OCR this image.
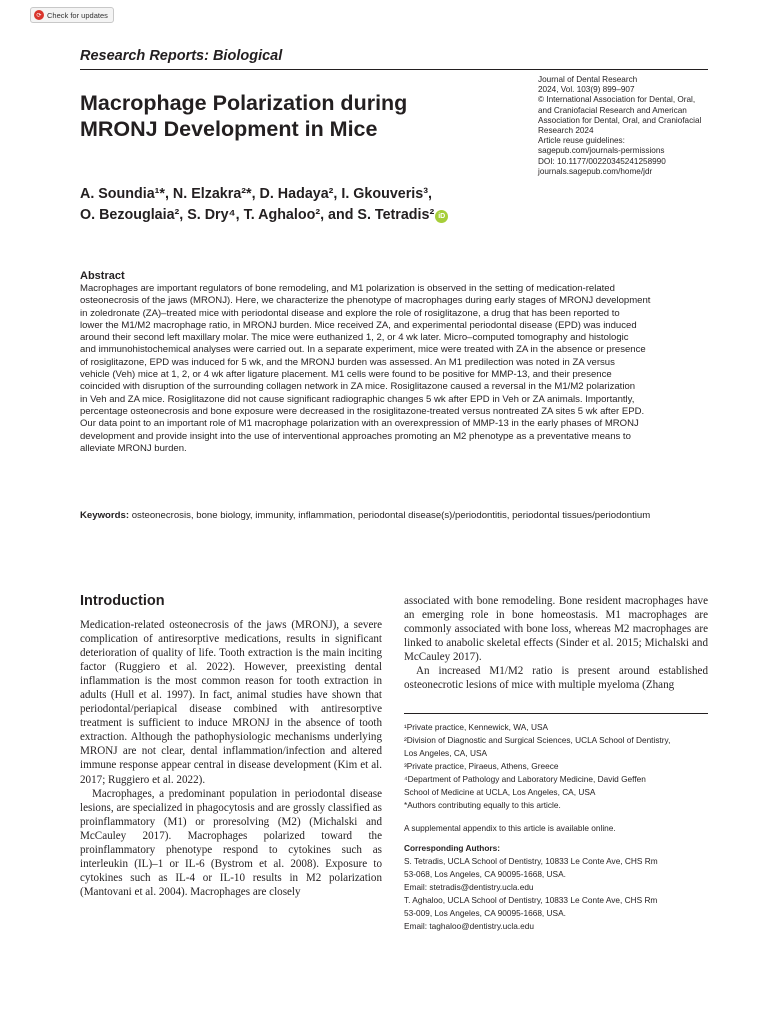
⟳ Check for updates
Research Reports: Biological
Macrophage Polarization during
MRONJ Development in Mice
Journal of Dental Research
2024, Vol. 103(9) 899–907
© International Association for Dental, Oral,
and Craniofacial Research and American
Association for Dental, Oral, and Craniofacial
Research 2024
Article reuse guidelines:
sagepub.com/journals-permissions
DOI: 10.1177/00220345241258990
journals.sagepub.com/home/jdr
A. Soundia¹*, N. Elzakra²*, D. Hadaya², I. Gkouveris³,
O. Bezouglaia², S. Dry⁴, T. Aghaloo², and S. Tetradis² iD
Abstract
Macrophages are important regulators of bone remodeling, and M1 polarization is observed in the setting of medication-related
osteonecrosis of the jaws (MRONJ). Here, we characterize the phenotype of macrophages during early stages of MRONJ development
in zoledronate (ZA)–treated mice with periodontal disease and explore the role of rosiglitazone, a drug that has been reported to
lower the M1/M2 macrophage ratio, in MRONJ burden. Mice received ZA, and experimental periodontal disease (EPD) was induced
around their second left maxillary molar. The mice were euthanized 1, 2, or 4 wk later. Micro–computed tomography and histologic
and immunohistochemical analyses were carried out. In a separate experiment, mice were treated with ZA in the absence or presence
of rosiglitazone, EPD was induced for 5 wk, and the MRONJ burden was assessed. An M1 predilection was noted in ZA versus
vehicle (Veh) mice at 1, 2, or 4 wk after ligature placement. M1 cells were found to be positive for MMP-13, and their presence
coincided with disruption of the surrounding collagen network in ZA mice. Rosiglitazone caused a reversal in the M1/M2 polarization
in Veh and ZA mice. Rosiglitazone did not cause significant radiographic changes 5 wk after EPD in Veh or ZA animals. Importantly,
percentage osteonecrosis and bone exposure were decreased in the rosiglitazone-treated versus nontreated ZA sites 5 wk after EPD.
Our data point to an important role of M1 macrophage polarization with an overexpression of MMP-13 in the early phases of MRONJ
development and provide insight into the use of interventional approaches promoting an M2 phenotype as a preventative means to
alleviate MRONJ burden.
Keywords: osteonecrosis, bone biology, immunity, inflammation, periodontal disease(s)/periodontitis, periodontal tissues/periodontium
Introduction

Medication-related osteonecrosis of the jaws (MRONJ), a severe complication of antiresorptive medications, results in significant deterioration of quality of life. Tooth extraction is the main inciting factor (Ruggiero et al. 2022). However, preexisting dental inflammation is the most common reason for tooth extraction in adults (Hull et al. 1997). In fact, animal studies have shown that periodontal/periapical disease combined with antiresorptive treatment is sufficient to induce MRONJ in the absence of tooth extraction. Although the pathophysiologic mechanisms underlying MRONJ are not clear, dental inflammation/infection and altered immune response appear central in disease development (Kim et al. 2017; Ruggiero et al. 2022).

Macrophages, a predominant population in periodontal disease lesions, are specialized in phagocytosis and are grossly classified as proinflammatory (M1) or proresolving (M2) (Michalski and McCauley 2017). Macrophages polarized toward the proinflammatory phenotype respond to cytokines such as interleukin (IL)–1 or IL-6 (Bystrom et al. 2008). Exposure to cytokines such as IL-4 or IL-10 results in M2 polarization (Mantovani et al. 2004). Macrophages are closely

associated with bone remodeling. Bone resident macrophages have an emerging role in bone homeostasis. M1 macrophages are commonly associated with bone loss, whereas M2 macrophages are linked to anabolic skeletal effects (Sinder et al. 2015; Michalski and McCauley 2017).

An increased M1/M2 ratio is present around established osteonecrotic lesions of mice with multiple myeloma (Zhang

¹Private practice, Kennewick, WA, USA
²Division of Diagnostic and Surgical Sciences, UCLA School of Dentistry,
Los Angeles, CA, USA
³Private practice, Piraeus, Athens, Greece
⁴Department of Pathology and Laboratory Medicine, David Geffen
School of Medicine at UCLA, Los Angeles, CA, USA
*Authors contributing equally to this article.
A supplemental appendix to this article is available online.
Corresponding Authors:
S. Tetradis, UCLA School of Dentistry, 10833 Le Conte Ave, CHS Rm
53-068, Los Angeles, CA 90095-1668, USA.
Email: stetradis@dentistry.ucla.edu
T. Aghaloo, UCLA School of Dentistry, 10833 Le Conte Ave, CHS Rm
53-009, Los Angeles, CA 90095-1668, USA.
Email: taghaloo@dentistry.ucla.edu
